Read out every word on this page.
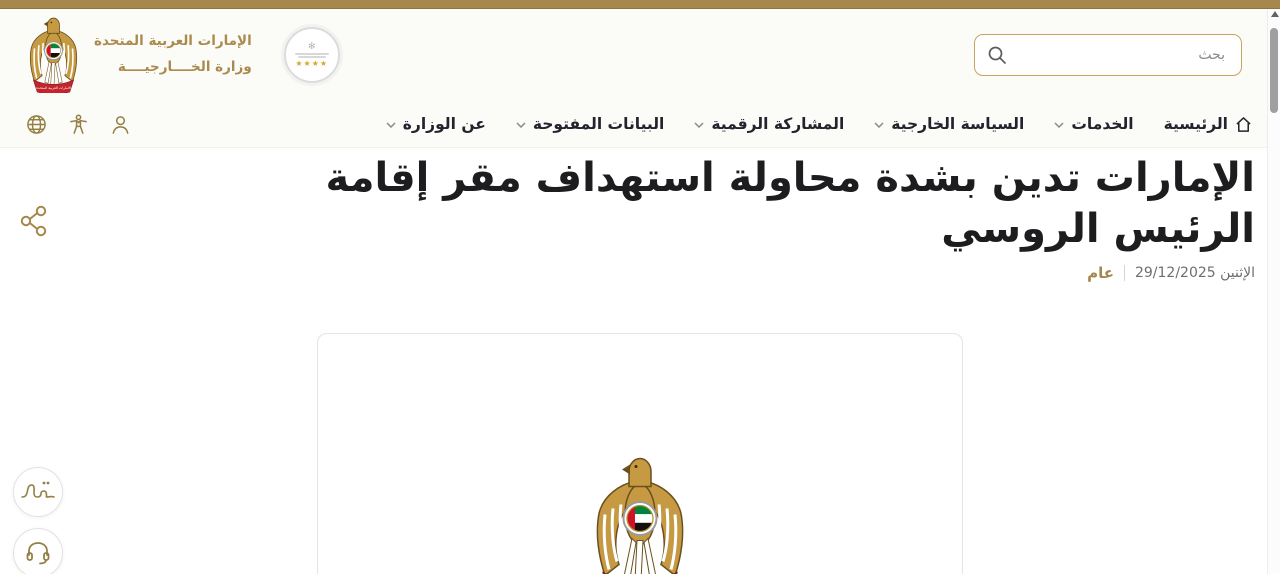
الإمارات العربية المتحدة
وزارة الخــــارجيــــة
✻
★★★★
بحث
الرئيسية
الخدمات
السياسة الخارجية
المشاركة الرقمية
البيانات المفتوحة
عن الوزارة
الإمارات تدين بشدة محاولة استهداف مقر إقامة الرئيس الروسي
الإثنين 29/12/2025
عام
